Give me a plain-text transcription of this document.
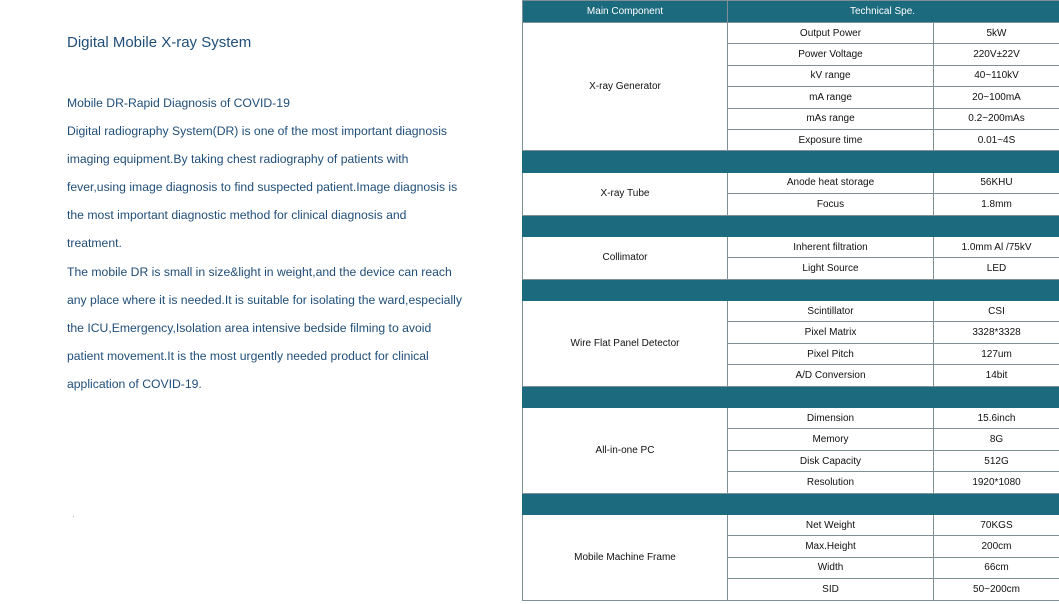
Digital Mobile X-ray System

Mobile DR-Rapid Diagnosis of COVID-19

Digital radiography System(DR) is one of the most important diagnosis

imaging equipment.By taking chest radiography of patients with

fever,using image diagnosis to find suspected patient.Image diagnosis is

the most important diagnostic method for clinical diagnosis and

treatment.

The mobile DR is small in size&light in weight,and the device can reach

any place where it is needed.It is suitable for isolating the ward,especially

the ICU,Emergency,Isolation area intensive bedside filming to avoid

patient movement.It is the most urgently needed product for clinical

application of COVID-19.

Main Component	Technical Spe.	
X-ray Generator	Output Power	5kW
	Power Voltage	220V±22V
	kV range	40~110kV
	mA range	20~100mA
	mAs range	0.2~200mAs
	Exposure time	0.01~4S

X-ray Tube	Anode heat storage	56KHU
	Focus	1.8mm

Collimator	Inherent filtration	1.0mm Al /75kV
	Light Source	LED

Wire Flat Panel Detector	Scintillator	CSI
	Pixel Matrix	3328*3328
	Pixel Pitch	127um
	A/D Conversion	14bit

All-in-one PC	Dimension	15.6inch
	Memory	8G
	Disk Capacity	512G
	Resolution	1920*1080

Mobile Machine Frame	Net Weight	70KGS
	Max.Height	200cm
	Width	66cm
	SID	50~200cm
